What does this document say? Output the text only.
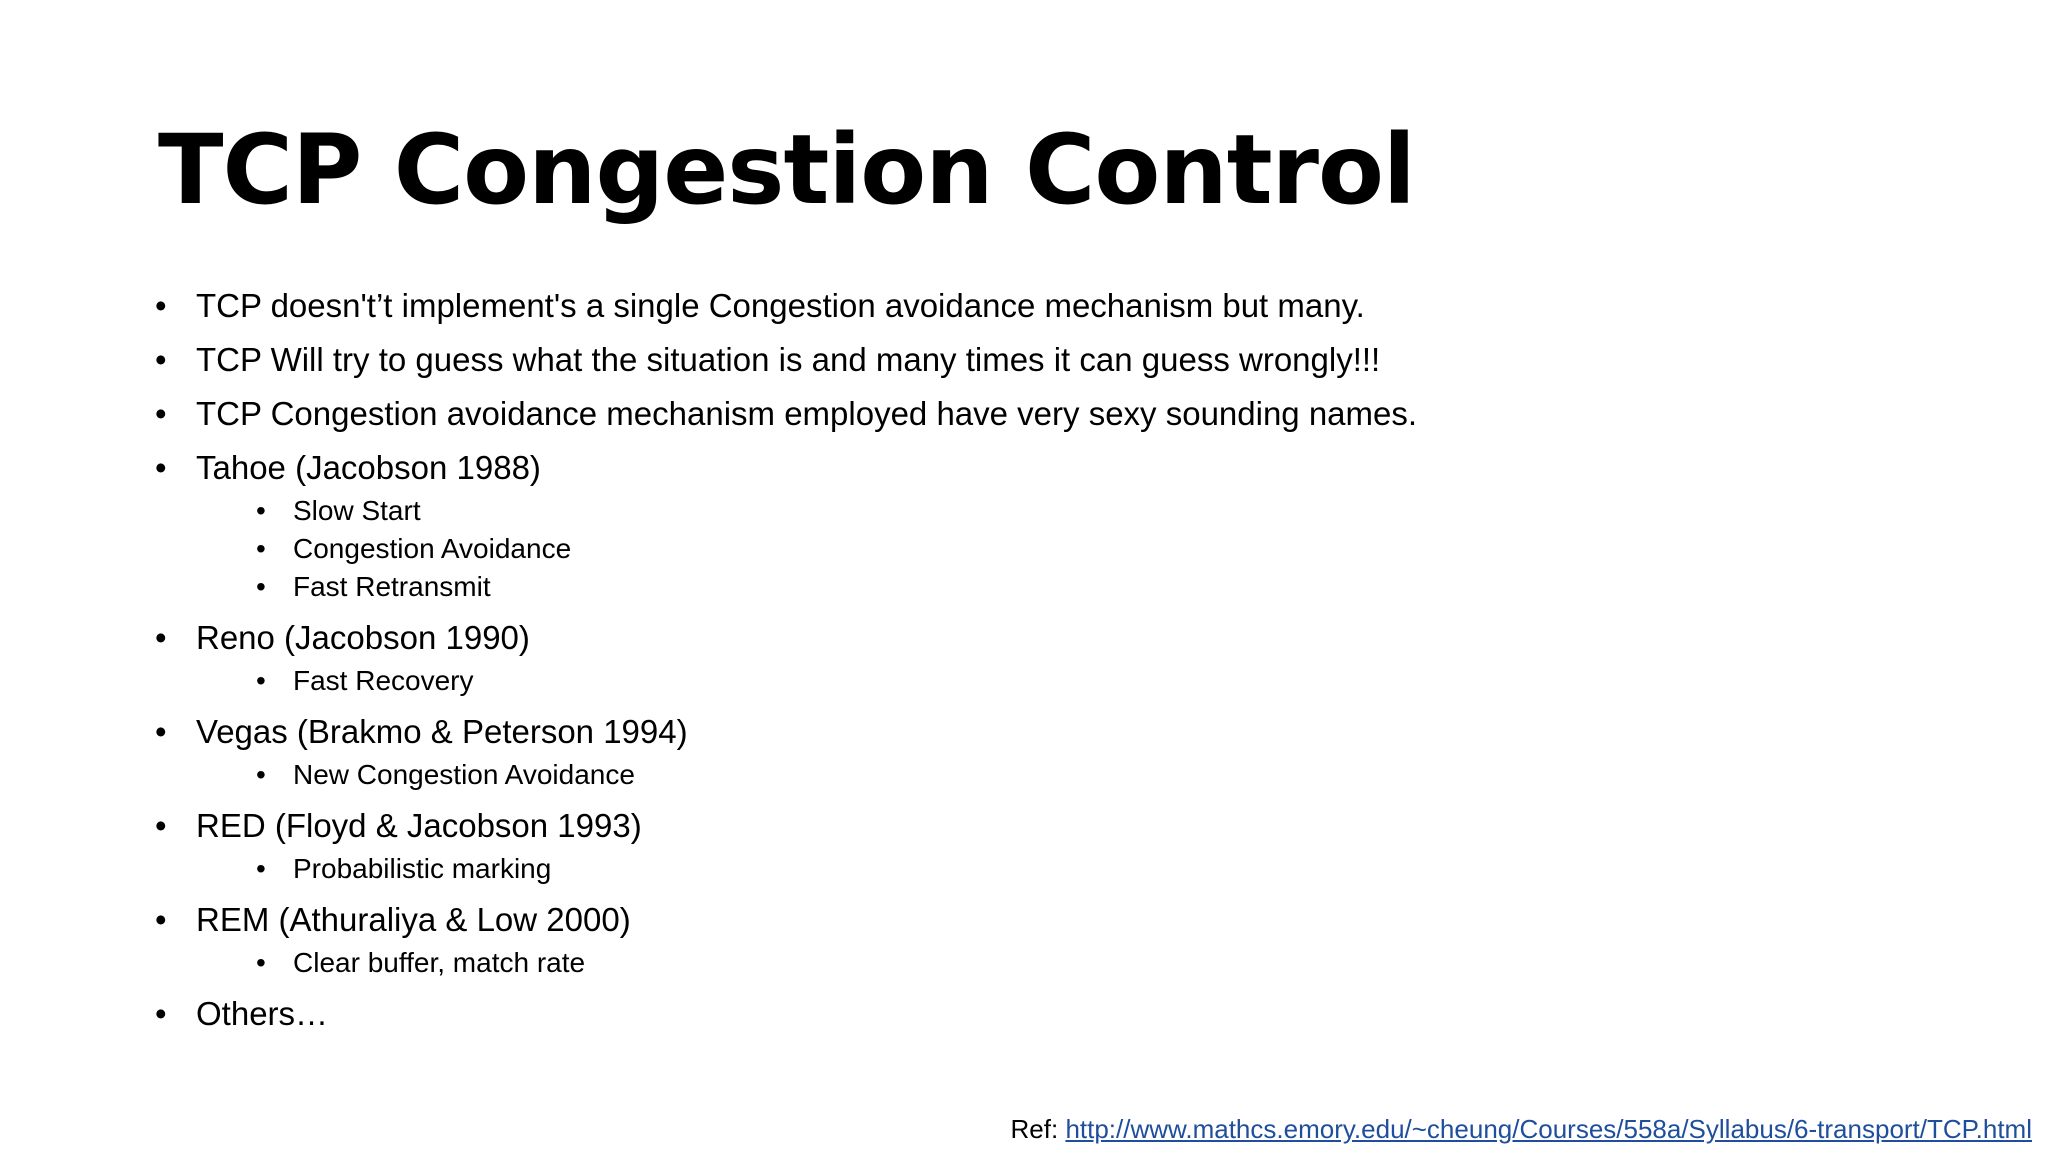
TCP Congestion Control
• TCP doesn't’t implement's a single Congestion avoidance mechanism but many.
• TCP Will try to guess what the situation is and many times it can guess wrongly!!!
• TCP Congestion avoidance mechanism employed have very sexy sounding names.
• Tahoe (Jacobson 1988)
• Slow Start
• Congestion Avoidance
• Fast Retransmit
• Reno (Jacobson 1990)
• Fast Recovery
• Vegas (Brakmo & Peterson 1994)
• New Congestion Avoidance
• RED (Floyd & Jacobson 1993)
• Probabilistic marking
• REM (Athuraliya & Low 2000)
• Clear buffer, match rate
• Others…
Ref: http://www.mathcs.emory.edu/~cheung/Courses/558a/Syllabus/6-transport/TCP.html
